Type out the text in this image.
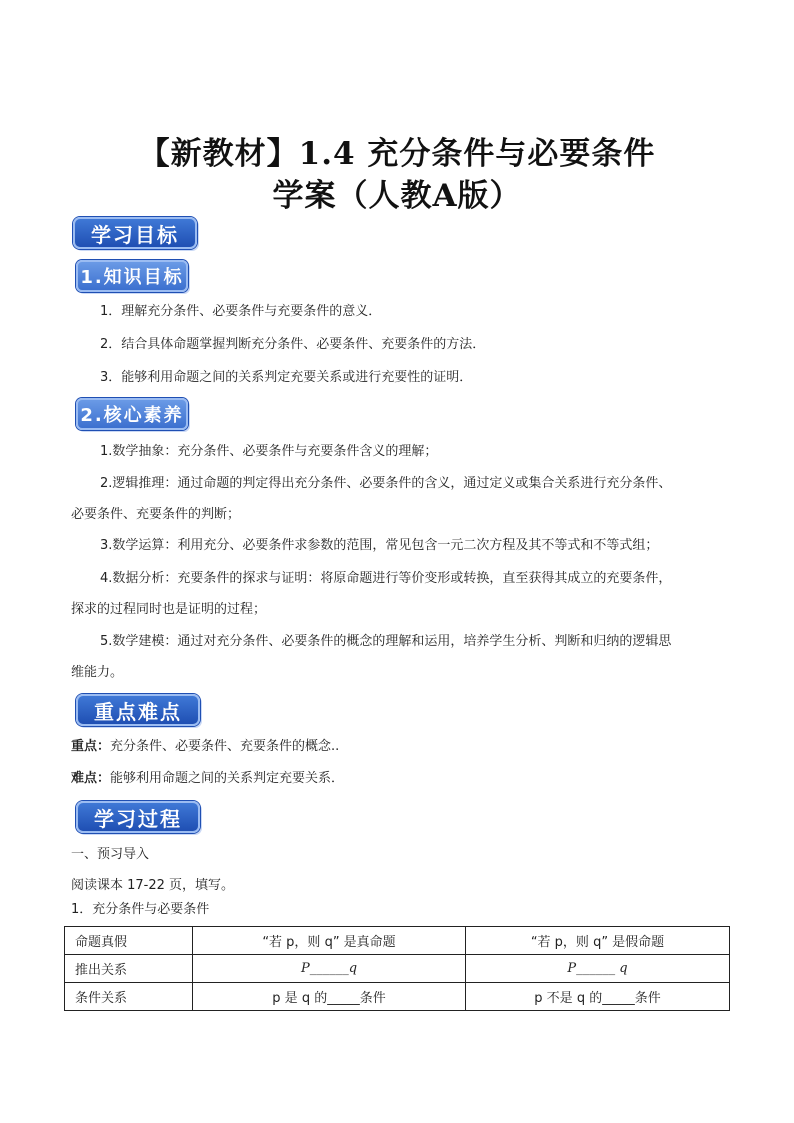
【新教材】1.4 充分条件与必要条件
学案（人教A版）
学习目标
1.知识目标
1．理解充分条件、必要条件与充要条件的意义．
2．结合具体命题掌握判断充分条件、必要条件、充要条件的方法．
3．能够利用命题之间的关系判定充要关系或进行充要性的证明．
2.核心素养
1.数学抽象：充分条件、必要条件与充要条件含义的理解；
2.逻辑推理：通过命题的判定得出充分条件、必要条件的含义，通过定义或集合关系进行充分条件、
必要条件、充要条件的判断；
3.数学运算：利用充分、必要条件求参数的范围，常见包含一元二次方程及其不等式和不等式组；
4.数据分析：充要条件的探求与证明：将原命题进行等价变形或转换，直至获得其成立的充要条件，
探求的过程同时也是证明的过程；
5.数学建模：通过对充分条件、必要条件的概念的理解和运用，培养学生分析、判断和归纳的逻辑思
维能力。
重点难点
重点：充分条件、必要条件、充要条件的概念..
难点：能够利用命题之间的关系判定充要关系．
学习过程
一、预习导入
阅读课本 17-22 页，填写。
1．充分条件与必要条件
命题真假	“若 p，则 q” 是真命题	“若 p，则 q” 是假命题
推出关系	P______q	P______ q
条件关系	p 是 q 的_____条件	p 不是 q 的_____条件
